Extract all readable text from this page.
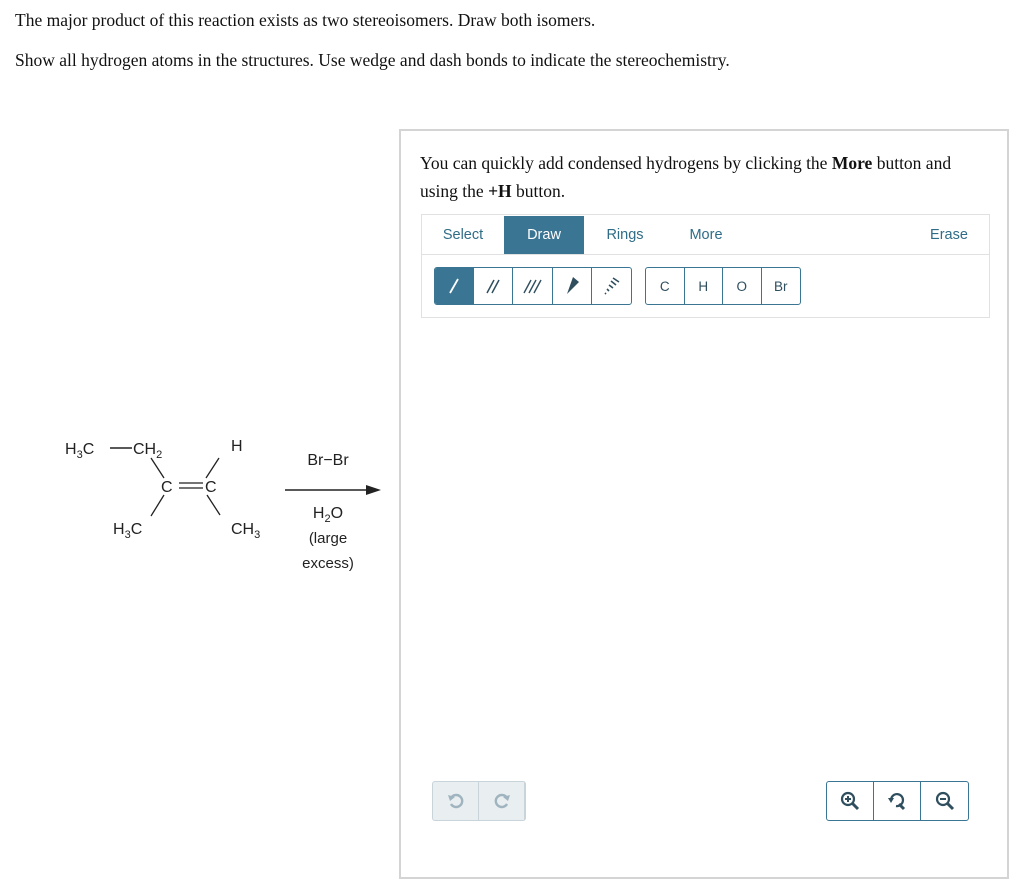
The major product of this reaction exists as two stereoisomers. Draw both isomers.
Show all hydrogen atoms in the structures. Use wedge and dash bonds to indicate the stereochemistry.
$H_3C$ $CH_2$	H
C C
$H_3C$	$CH_3$
Br−Br
$H_2O$
(large
excess)
You can quickly add condensed hydrogens by clicking the More button and using the +H button.
Select	Draw	Rings	More	Erase
C	H	O	Br
